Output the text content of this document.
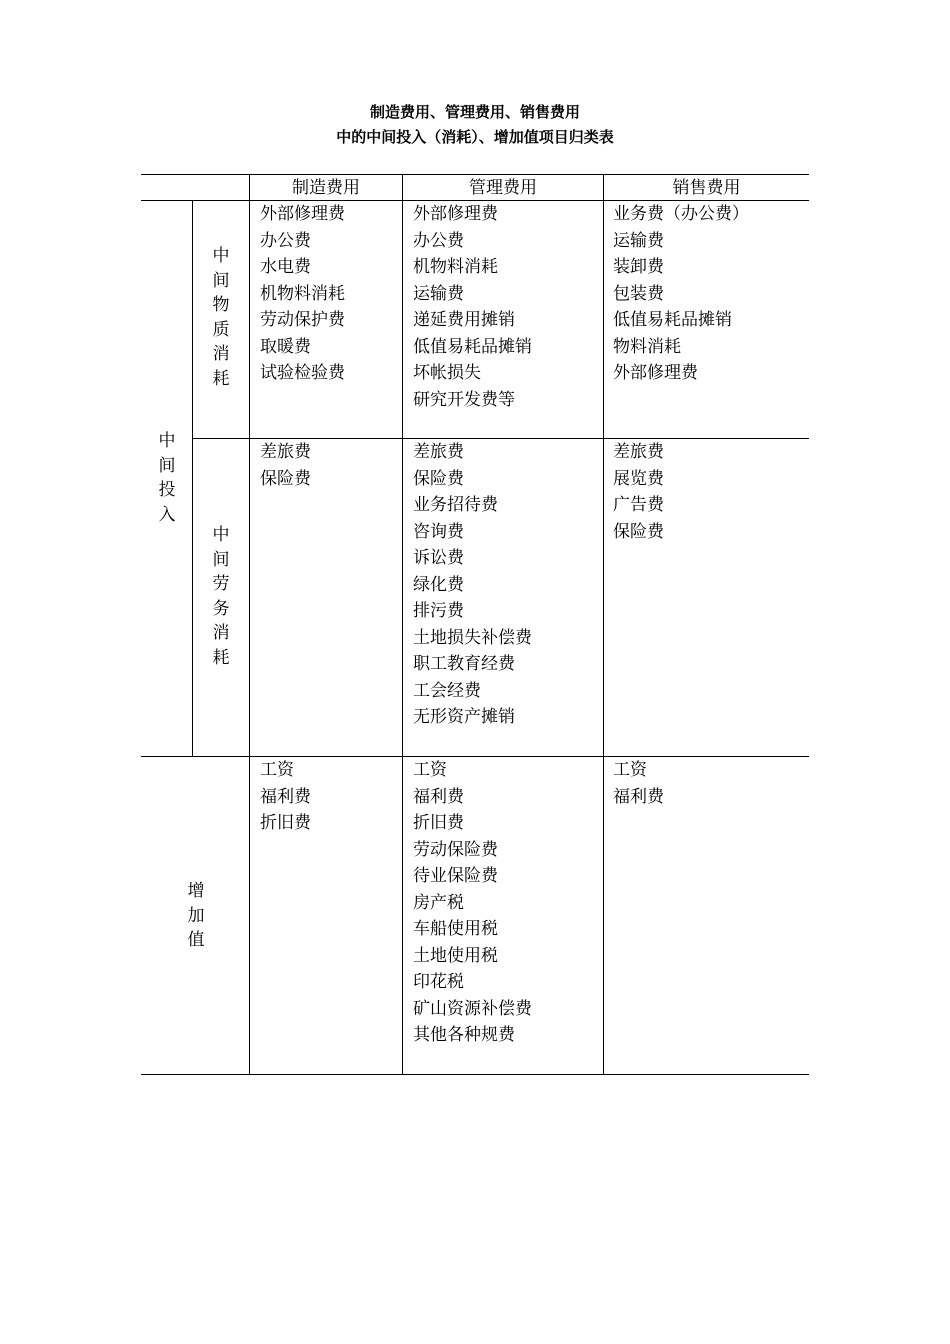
制造费用、管理费用、销售费用
中的中间投入（消耗）、增加值项目归类表
制造费用	管理费用	销售费用
中间投入
中间物质消耗
中间劳务消耗
增加值
外部修理费
办公费
水电费
机物料消耗
劳动保护费
取暖费
试验检验费
外部修理费
办公费
机物料消耗
运输费
递延费用摊销
低值易耗品摊销
坏帐损失
研究开发费等
业务费（办公费）
运输费
装卸费
包装费
低值易耗品摊销
物料消耗
外部修理费
差旅费
保险费
差旅费
保险费
业务招待费
咨询费
诉讼费
绿化费
排污费
土地损失补偿费
职工教育经费
工会经费
无形资产摊销
差旅费
展览费
广告费
保险费
工资
福利费
折旧费
工资
福利费
折旧费
劳动保险费
待业保险费
房产税
车船使用税
土地使用税
印花税
矿山资源补偿费
其他各种规费
工资
福利费
